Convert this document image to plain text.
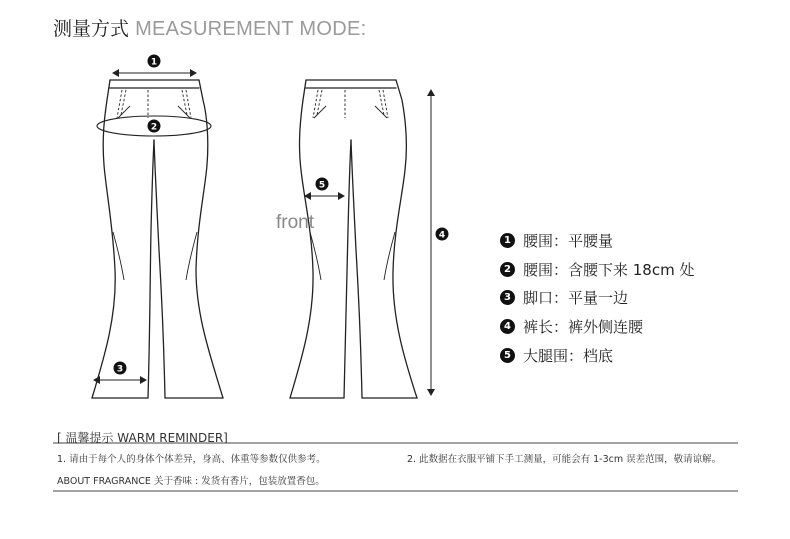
测量方式 MEASUREMENT MODE:
1
2
3
5
4
front
1 腰围：平腰量
2 腰围：含腰下来 18cm 处
3 脚口：平量一边
4 裤长：裤外侧连腰
5 大腿围：档底
[ 温馨提示 WARM REMINDER]
1. 请由于每个人的身体个体差异，身高、体重等参数仅供参考。	2. 此数据在衣服平铺下手工测量，可能会有 1-3cm 误差范围，敬请谅解。
ABOUT FRAGRANCE 关于香味 : 发货有香片，包装放置香包。
